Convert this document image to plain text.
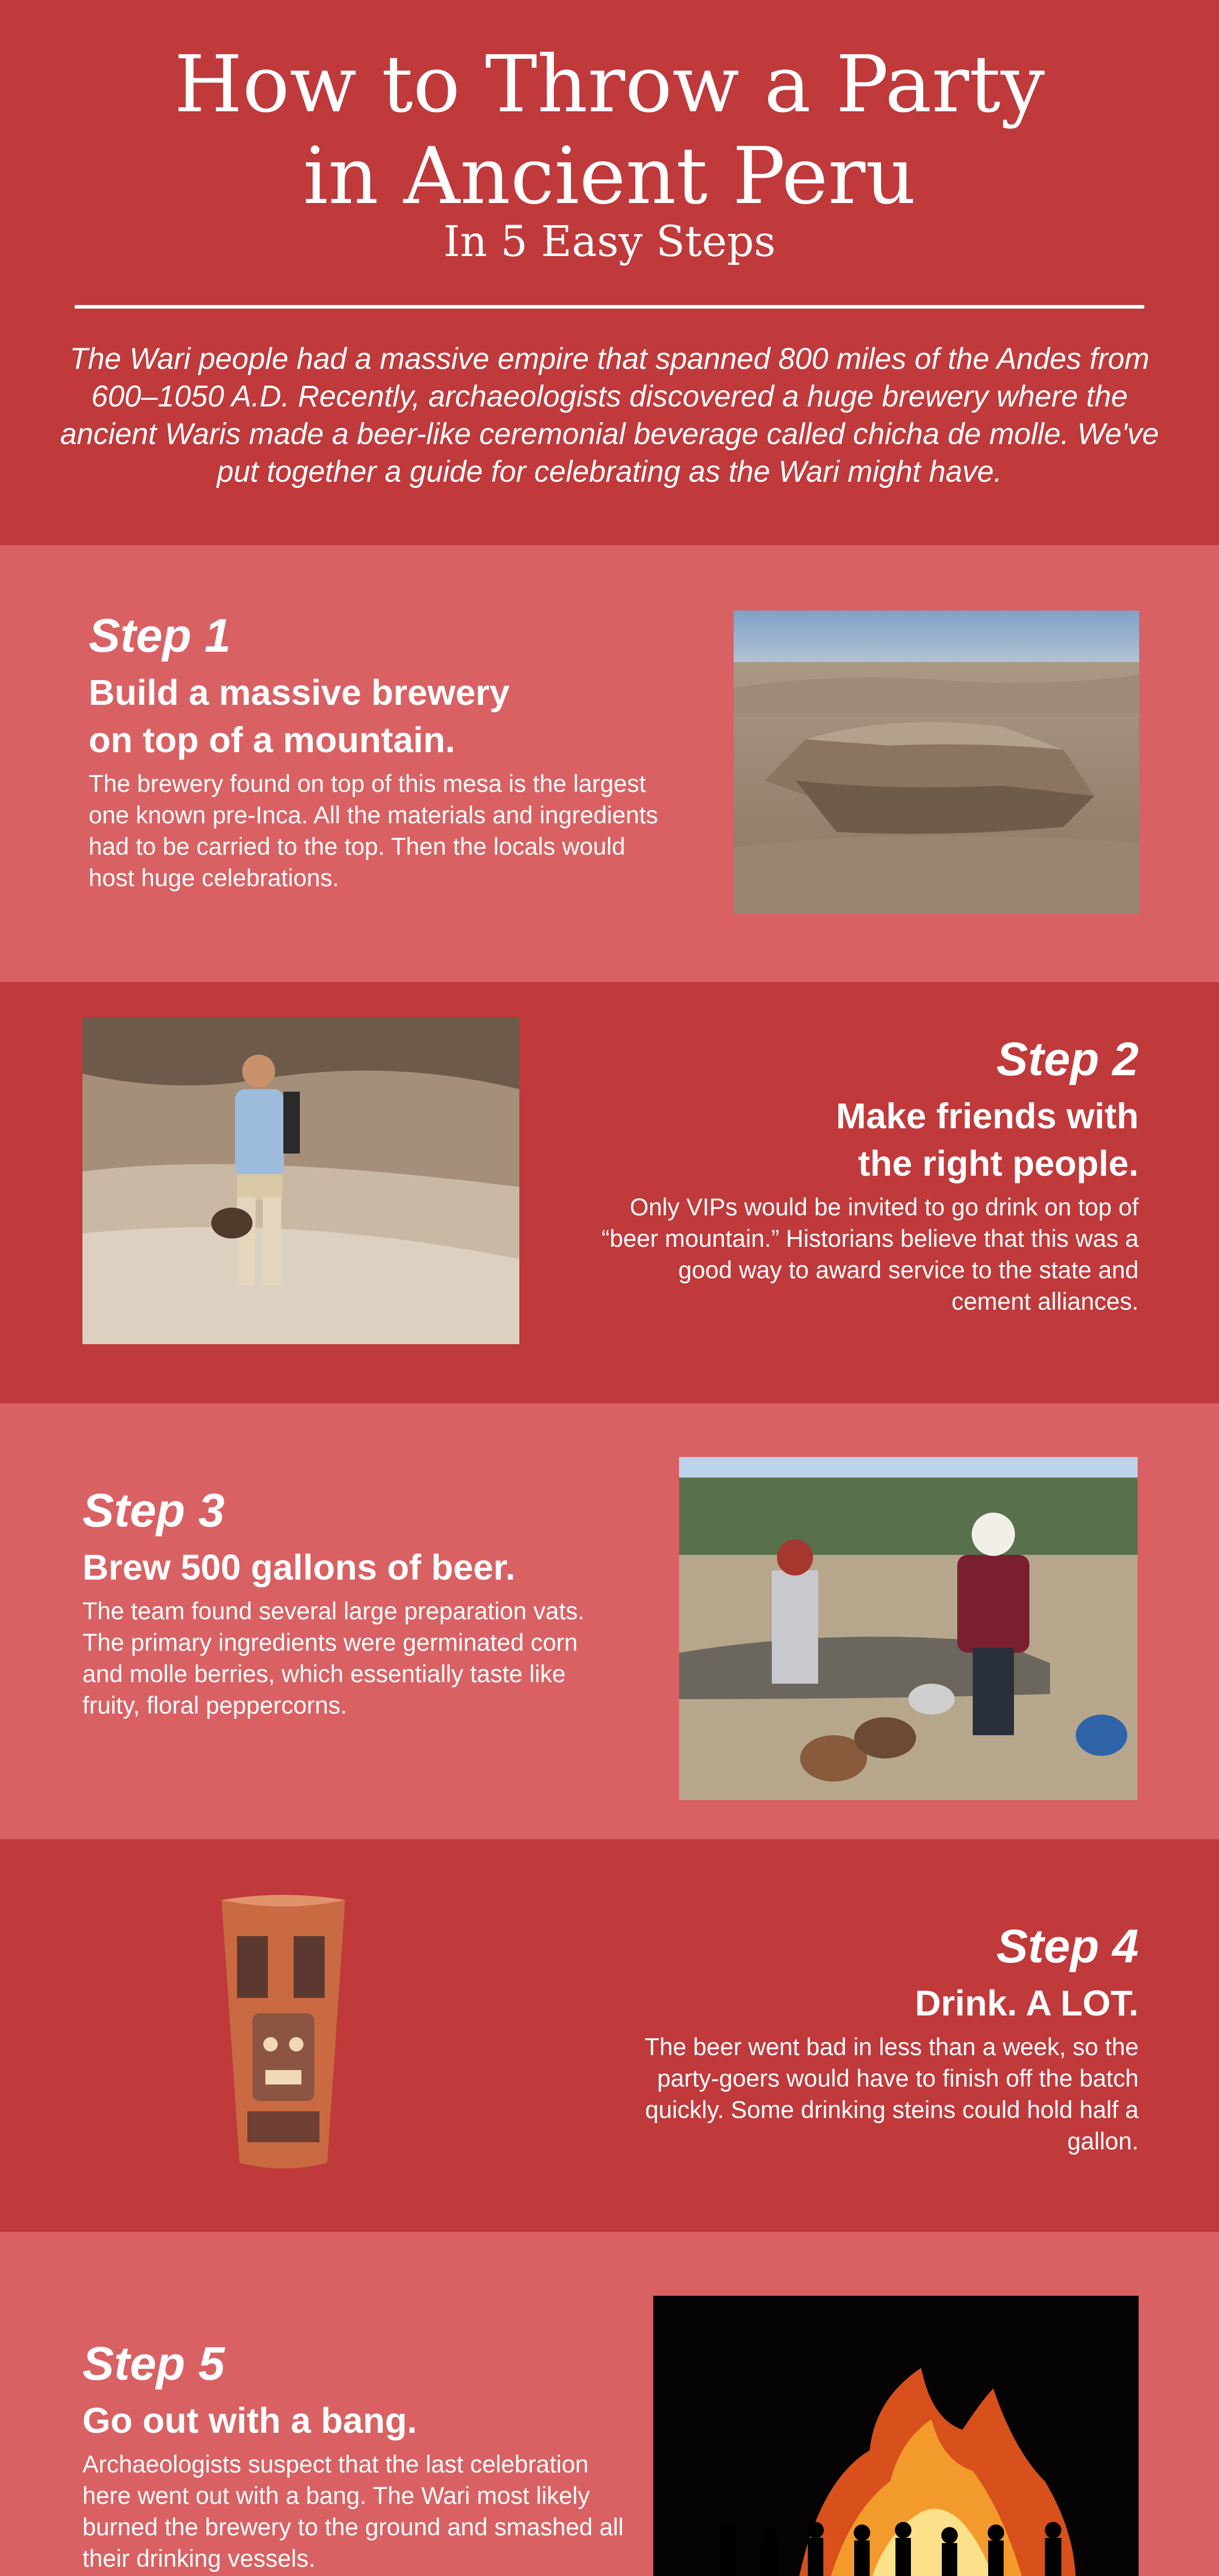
How to Throw a Party
in Ancient Peru
In 5 Easy Steps

The Wari people had a massive empire that spanned 800 miles of the Andes from 600–1050 A.D. Recently, archaeologists discovered a huge brewery where the ancient Waris made a beer-like ceremonial beverage called chicha de molle. We've put together a guide for celebrating as the Wari might have.

Step 1
Build a massive brewery
on top of a mountain.
The brewery found on top of this mesa is the largest one known pre-Inca. All the materials and ingredients had to be carried to the top. Then the locals would host huge celebrations.
Step 2
Make friends with
the right people.
Only VIPs would be invited to go drink on top of “beer mountain.” Historians believe that this was a good way to award service to the state and cement alliances.
Step 3
Brew 500 gallons of beer.
The team found several large preparation vats. The primary ingredients were germinated corn and molle berries, which essentially taste like fruity, floral peppercorns.
Step 4
Drink. A LOT.
The beer went bad in less than a week, so the party-goers would have to finish off the batch quickly. Some drinking steins could hold half a gallon.
Step 5
Go out with a bang.
Archaeologists suspect that the last celebration here went out with a bang. The Wari most likely burned the brewery to the ground and smashed all their drinking vessels.
